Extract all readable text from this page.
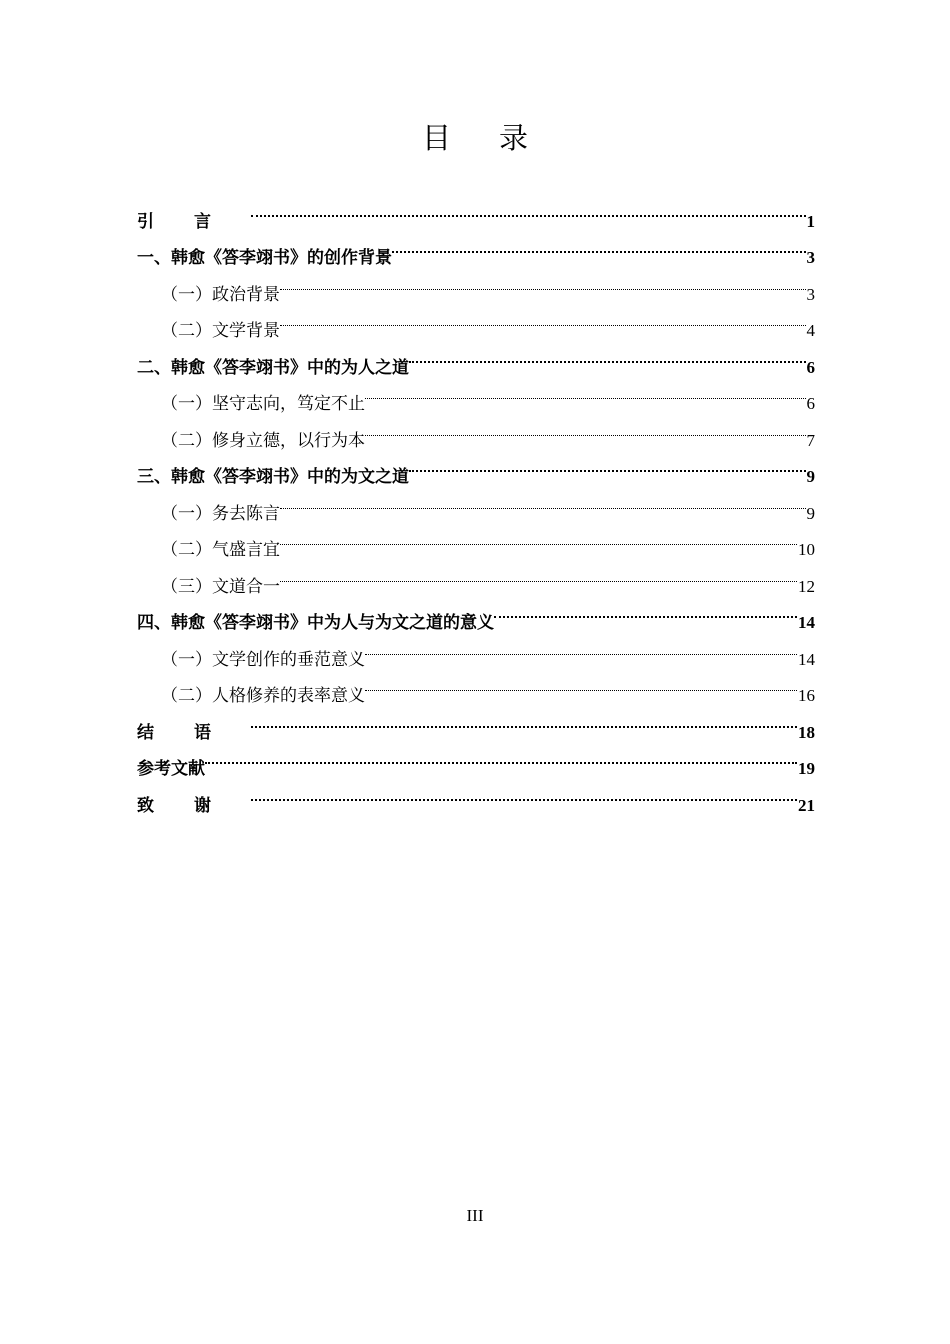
目录
引言	1
一、韩愈《答李翊书》的创作背景	3
（一）政治背景	3
（二）文学背景	4
二、韩愈《答李翊书》中的为人之道	6
（一）坚守志向，笃定不止	6
（二）修身立德，以行为本	7
三、韩愈《答李翊书》中的为文之道	9
（一）务去陈言	9
（二）气盛言宜	10
（三）文道合一	12
四、韩愈《答李翊书》中为人与为文之道的意义	14
（一）文学创作的垂范意义	14
（二）人格修养的表率意义	16
结语	18
参考文献	19
致谢	21
III
